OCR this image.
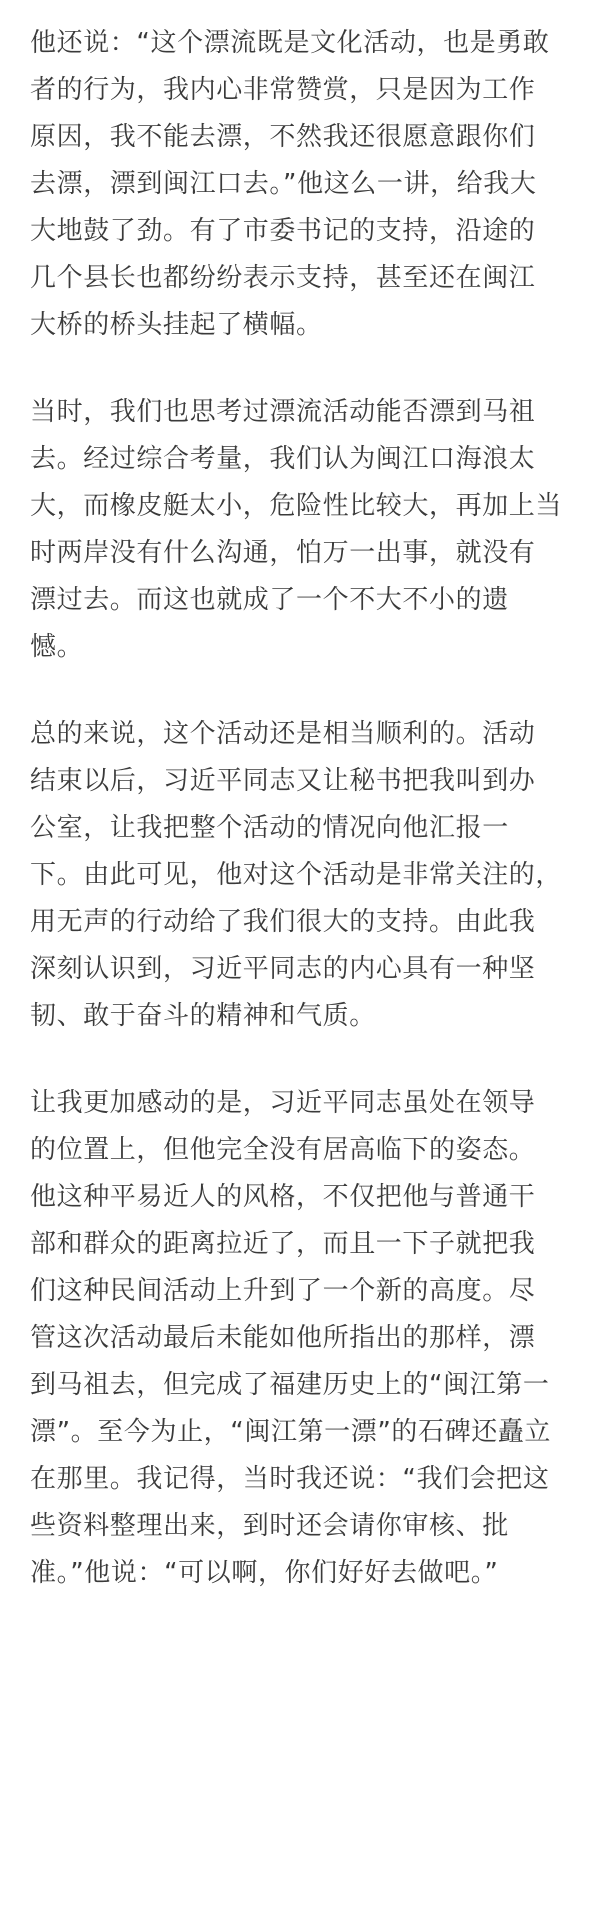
他还说：“这个漂流既是文化活动，也是勇敢
者的行为，我内心非常赞赏，只是因为工作
原因，我不能去漂，不然我还很愿意跟你们
去漂，漂到闽江口去。”他这么一讲，给我大
大地鼓了劲。有了市委书记的支持，沿途的
几个县长也都纷纷表示支持，甚至还在闽江
大桥的桥头挂起了横幅。

当时，我们也思考过漂流活动能否漂到马祖
去。经过综合考量，我们认为闽江口海浪太
大，而橡皮艇太小，危险性比较大，再加上当
时两岸没有什么沟通，怕万一出事，就没有
漂过去。而这也就成了一个不大不小的遗
憾。

总的来说，这个活动还是相当顺利的。活动
结束以后，习近平同志又让秘书把我叫到办
公室，让我把整个活动的情况向他汇报一
下。由此可见，他对这个活动是非常关注的，
用无声的行动给了我们很大的支持。由此我
深刻认识到，习近平同志的内心具有一种坚
韧、敢于奋斗的精神和气质。

让我更加感动的是，习近平同志虽处在领导
的位置上，但他完全没有居高临下的姿态。
他这种平易近人的风格，不仅把他与普通干
部和群众的距离拉近了，而且一下子就把我
们这种民间活动上升到了一个新的高度。尽
管这次活动最后未能如他所指出的那样，漂
到马祖去，但完成了福建历史上的“闽江第一
漂”。至今为止，“闽江第一漂”的石碑还矗立
在那里。我记得，当时我还说：“我们会把这
些资料整理出来，到时还会请你审核、批
准。”他说：“可以啊，你们好好去做吧。”
